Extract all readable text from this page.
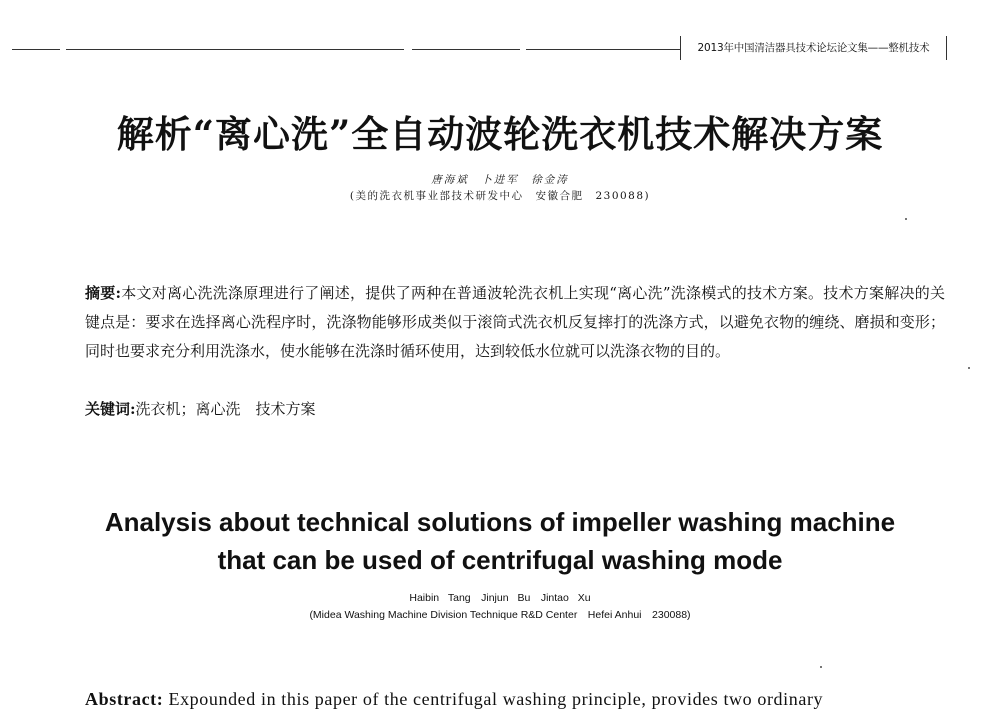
2013年中国清洁器具技术论坛论文集——整机技术
解析“离心洗”全自动波轮洗衣机技术解决方案
唐海斌　卜进军　徐金涛
(美的洗衣机事业部技术研发中心　安徽合肥　230088)
摘要:本文对离心洗洗涤原理进行了阐述，提供了两种在普通波轮洗衣机上实现“离心洗”洗涤模式的技术方案。技术方案解决的关键点是：要求在选择离心洗程序时，洗涤物能够形成类似于滚筒式洗衣机反复摔打的洗涤方式，以避免衣物的缠绕、磨损和变形；同时也要求充分利用洗涤水，使水能够在洗涤时循环使用，达到较低水位就可以洗涤衣物的目的。
关键词:洗衣机；离心洗　技术方案
Analysis about technical solutions of impeller washing machine
that can be used of centrifugal washing mode
Haibin Tang　Jinjun Bu　Jintao Xu
(Midea Washing Machine Division Technique R&D Center　Hefei Anhui　230088)
Abstract: Expounded in this paper of the centrifugal washing principle, provides two ordinary
